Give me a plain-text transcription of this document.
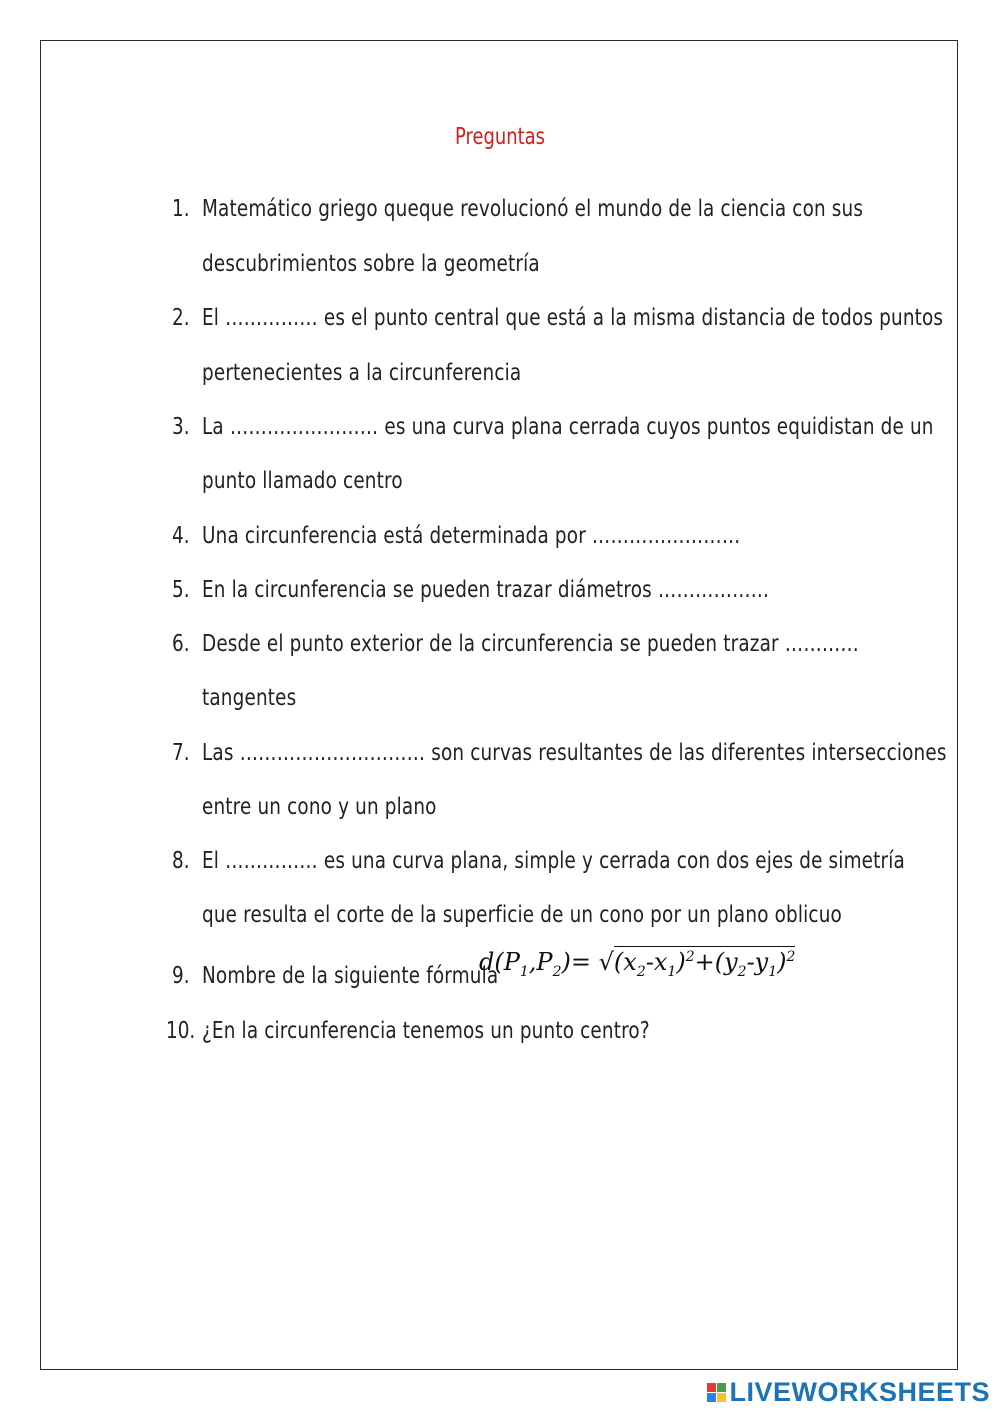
Preguntas
1. Matemático griego queque revolucionó el mundo de la ciencia con sus
descubrimientos sobre la geometría
2. El …………… es el punto central que está a la misma distancia de todos puntos
pertenecientes a la circunferencia
3. La …………………… es una curva plana cerrada cuyos puntos equidistan de un
punto llamado centro
4. Una circunferencia está determinada por ……………………
5. En la circunferencia se pueden trazar diámetros ………………
6. Desde el punto exterior de la circunferencia se pueden trazar …………
tangentes
7. Las ………………………… son curvas resultantes de las diferentes intersecciones
entre un cono y un plano
8. El …………… es una curva plana, simple y cerrada con dos ejes de simetría
que resulta el corte de la superficie de un cono por un plano oblicuo
9. Nombre de la siguiente fórmula
$d(P_1,P_2)= √(x_2-x_1)^2+(y_2-y_1)^2$
10. ¿En la circunferencia tenemos un punto centro?
LIVEWORKSHEETS
